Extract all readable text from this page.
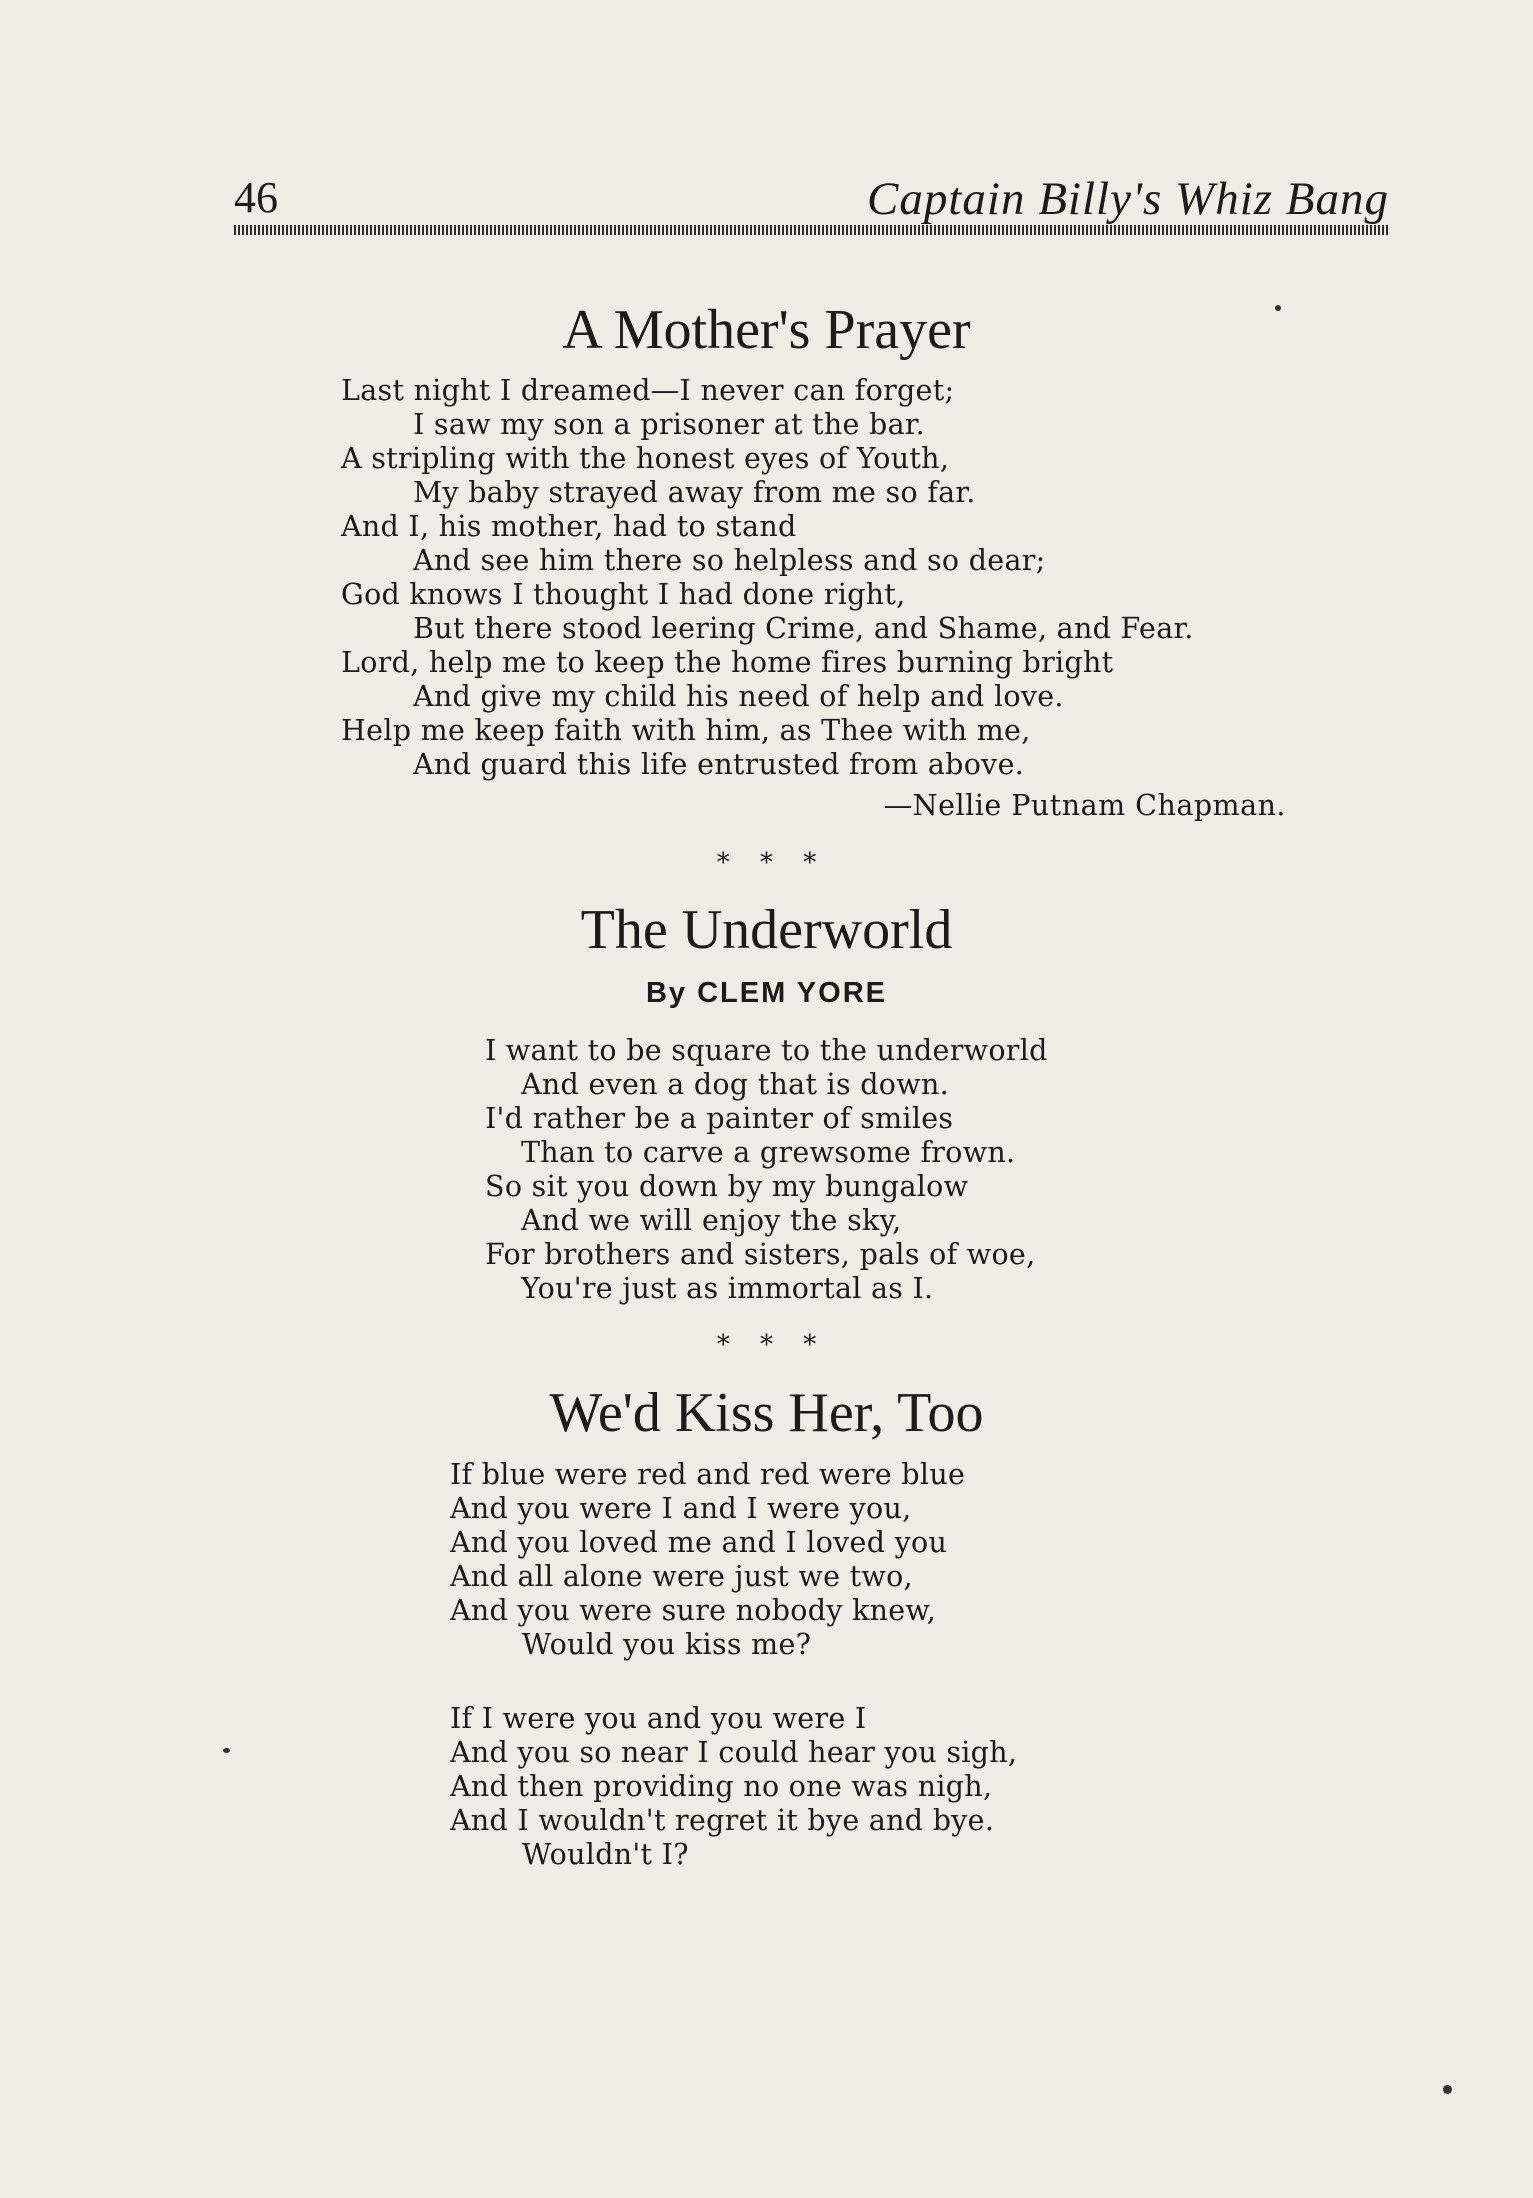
46	Captain Billy's Whiz Bang
A Mother's Prayer
Last night I dreamed—I never can forget;
I saw my son a prisoner at the bar.
A stripling with the honest eyes of Youth,
My baby strayed away from me so far.
And I, his mother, had to stand
And see him there so helpless and so dear;
God knows I thought I had done right,
But there stood leering Crime, and Shame, and Fear.
Lord, help me to keep the home fires burning bright
And give my child his need of help and love.
Help me keep faith with him, as Thee with me,
And guard this life entrusted from above.
—Nellie Putnam Chapman.
* * *
The Underworld
By CLEM YORE
I want to be square to the underworld
And even a dog that is down.
I'd rather be a painter of smiles
Than to carve a grewsome frown.
So sit you down by my bungalow
And we will enjoy the sky,
For brothers and sisters, pals of woe,
You're just as immortal as I.
* * *
We'd Kiss Her, Too
If blue were red and red were blue
And you were I and I were you,
And you loved me and I loved you
And all alone were just we two,
And you were sure nobody knew,
Would you kiss me?
If I were you and you were I
And you so near I could hear you sigh,
And then providing no one was nigh,
And I wouldn't regret it bye and bye.
Wouldn't I?
